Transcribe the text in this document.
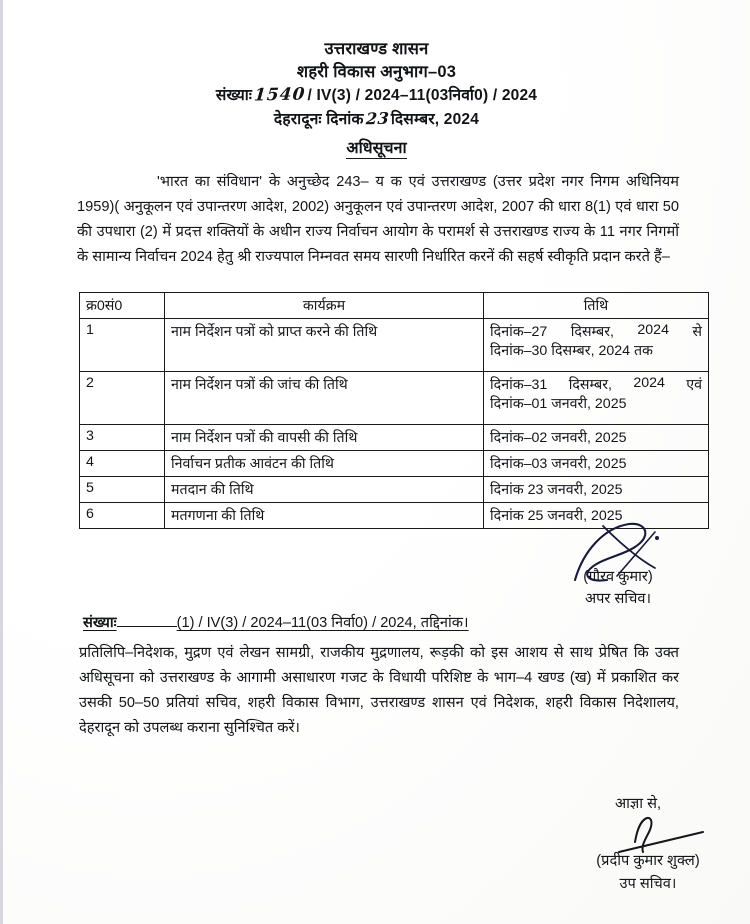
उत्तराखण्ड शासन
शहरी विकास अनुभाग–03
संख्याः1540/ IV(3) / 2024–11(03निर्वा0) / 2024
देहरादूनः दिनांक23दिसम्बर, 2024
अधिसूचना
'भारत का संविधान' के अनुच्छेद 243– य क एवं उत्तराखण्ड (उत्तर प्रदेश नगर निगम अधिनियम 1959)( अनुकूलन एवं उपान्तरण आदेश, 2002) अनुकूलन एवं उपान्तरण आदेश, 2007 की धारा 8(1) एवं धारा 50 की उपधारा (2) में प्रदत्त शक्तियों के अधीन राज्य निर्वाचन आयोग के परामर्श से उत्तराखण्ड राज्य के 11 नगर निगमों के सामान्य निर्वाचन 2024 हेतु श्री राज्यपाल निम्नवत समय सारणी निर्धारित करनें की सहर्ष स्वीकृति प्रदान करते हैं–
क्र0सं0	कार्यक्रम	तिथि
1	नाम निर्देशन पत्रों को प्राप्त करने की तिथि	दिनांक–27 दिसम्बर, 2024 से
दिनांक–30 दिसम्बर, 2024 तक

2	नाम निर्देशन पत्रों की जांच की तिथि	दिनांक–31 दिसम्बर, 2024 एवं
दिनांक–01 जनवरी, 2025

3	नाम निर्देशन पत्रों की वापसी की तिथि	दिनांक–02 जनवरी, 2025
4	निर्वाचन प्रतीक आवंटन की तिथि	दिनांक–03 जनवरी, 2025
5	मतदान की तिथि	दिनांक 23 जनवरी, 2025
6	मतगणना की तिथि	दिनांक 25 जनवरी, 2025
(गौरव कुमार)
अपर सचिव।
संख्याः	(1) / IV(3) / 2024–11(03 निर्वा0) / 2024, तद्दिनांक।
प्रतिलिपि–निदेशक, मुद्रण एवं लेखन सामग्री, राजकीय मुद्रणालय, रूड़की को इस आशय से साथ प्रेषित कि उक्त अधिसूचना को उत्तराखण्ड के आगामी असाधारण गजट के विधायी परिशिष्ट के भाग–4 खण्ड (ख) में प्रकाशित कर उसकी 50–50 प्रतियां सचिव, शहरी विकास विभाग, उत्तराखण्ड शासन एवं निदेशक, शहरी विकास निदेशालय, देहरादून को उपलब्ध कराना सुनिश्चित करें।
आज्ञा से,
(प्रदीप कुमार शुक्ल)
उप सचिव।
